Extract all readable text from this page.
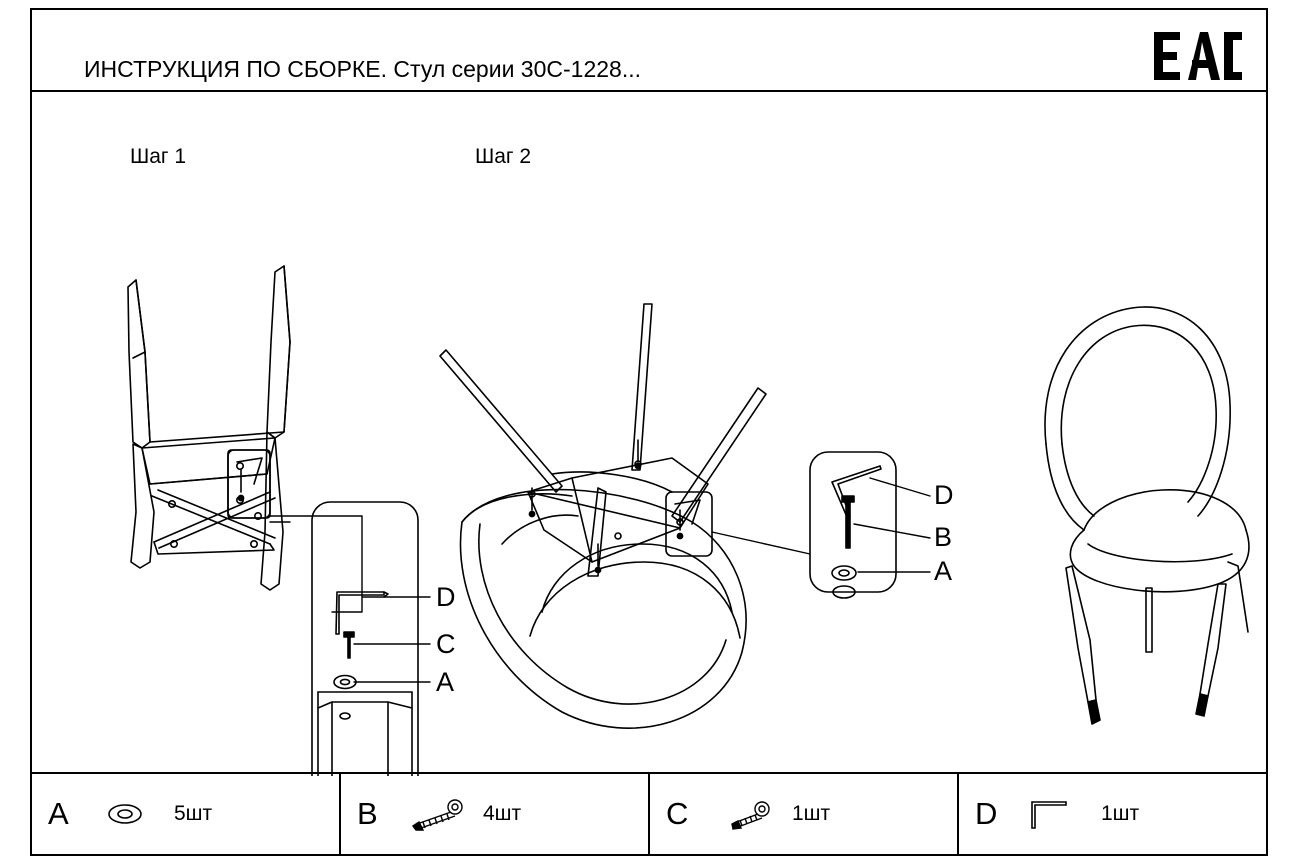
ИНСТРУКЦИЯ ПО СБОРКЕ. Стул серии 30C-1228...
Шаг 1	Шаг 2
D
C
A
D
B
A
A	5шт	B	4шт	C	1шт	D	1шт
